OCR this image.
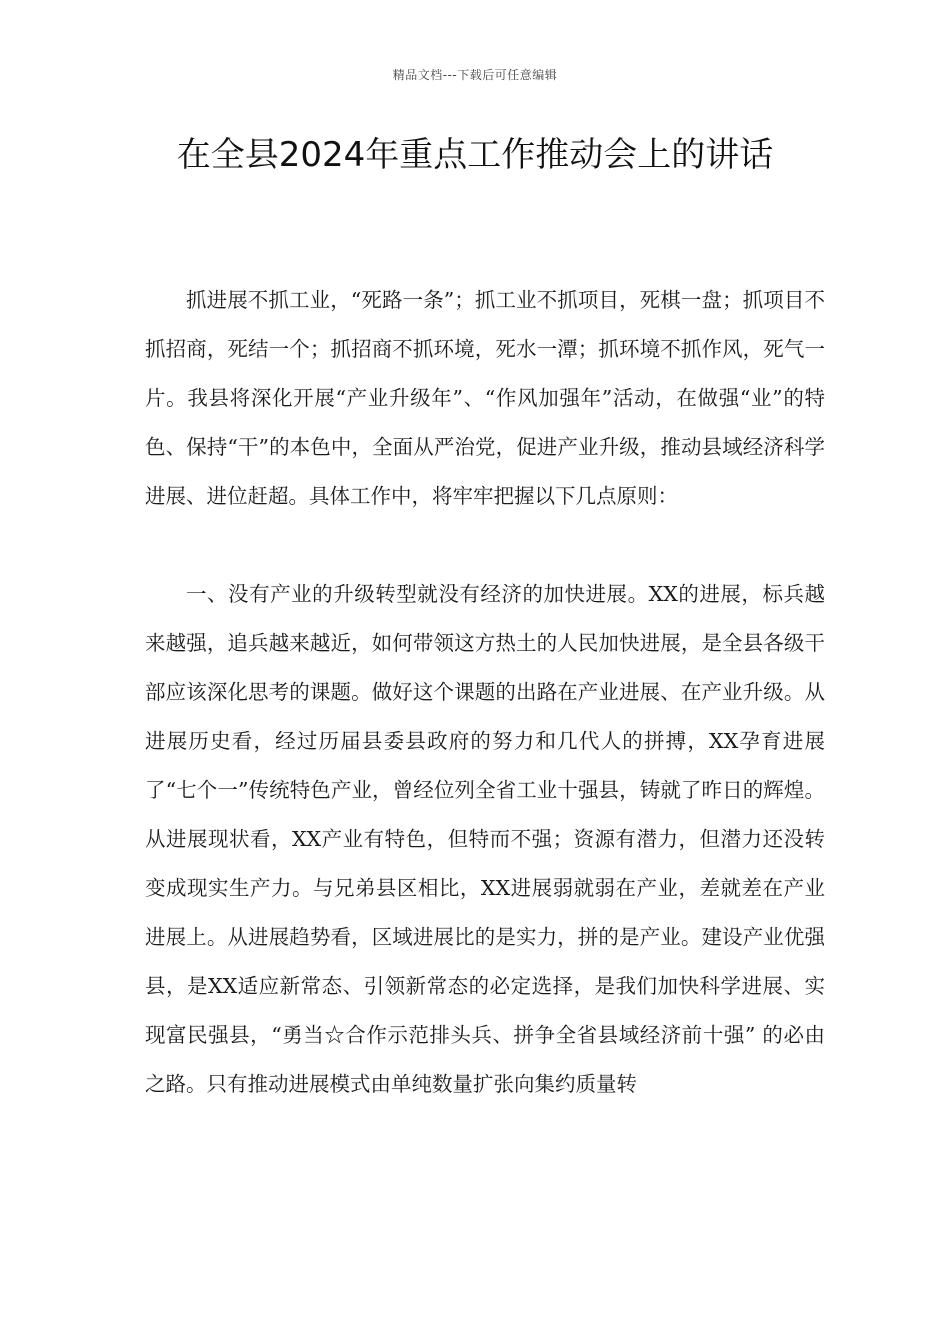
精品文档---下载后可任意编辑
在全县2024年重点工作推动会上的讲话

抓进展不抓工业，“死路一条”；抓工业不抓项目，死棋一盘；抓项目不抓招商，死结一个；抓招商不抓环境，死水一潭；抓环境不抓作风，死气一片。我县将深化开展“产业升级年”、“作风加强年”活动，在做强“业”的特色、保持“干”的本色中，全面从严治党，促进产业升级，推动县域经济科学进展、进位赶超。具体工作中，将牢牢把握以下几点原则：

一、没有产业的升级转型就没有经济的加快进展。XX的进展，标兵越来越强，追兵越来越近，如何带领这方热土的人民加快进展，是全县各级干部应该深化思考的课题。做好这个课题的出路在产业进展、在产业升级。从进展历史看，经过历届县委县政府的努力和几代人的拼搏，XX孕育进展了“七个一”传统特色产业，曾经位列全省工业十强县，铸就了昨日的辉煌。从进展现状看，XX产业有特色，但特而不强；资源有潜力，但潜力还没转变成现实生产力。与兄弟县区相比，XX进展弱就弱在产业，差就差在产业进展上。从进展趋势看，区域进展比的是实力，拼的是产业。建设产业优强县，是XX适应新常态、引领新常态的必定选择，是我们加快科学进展、实现富民强县，“勇当☆合作示范排头兵、拼争全省县域经济前十强” 的必由之路。只有推动进展模式由单纯数量扩张向集约质量转
